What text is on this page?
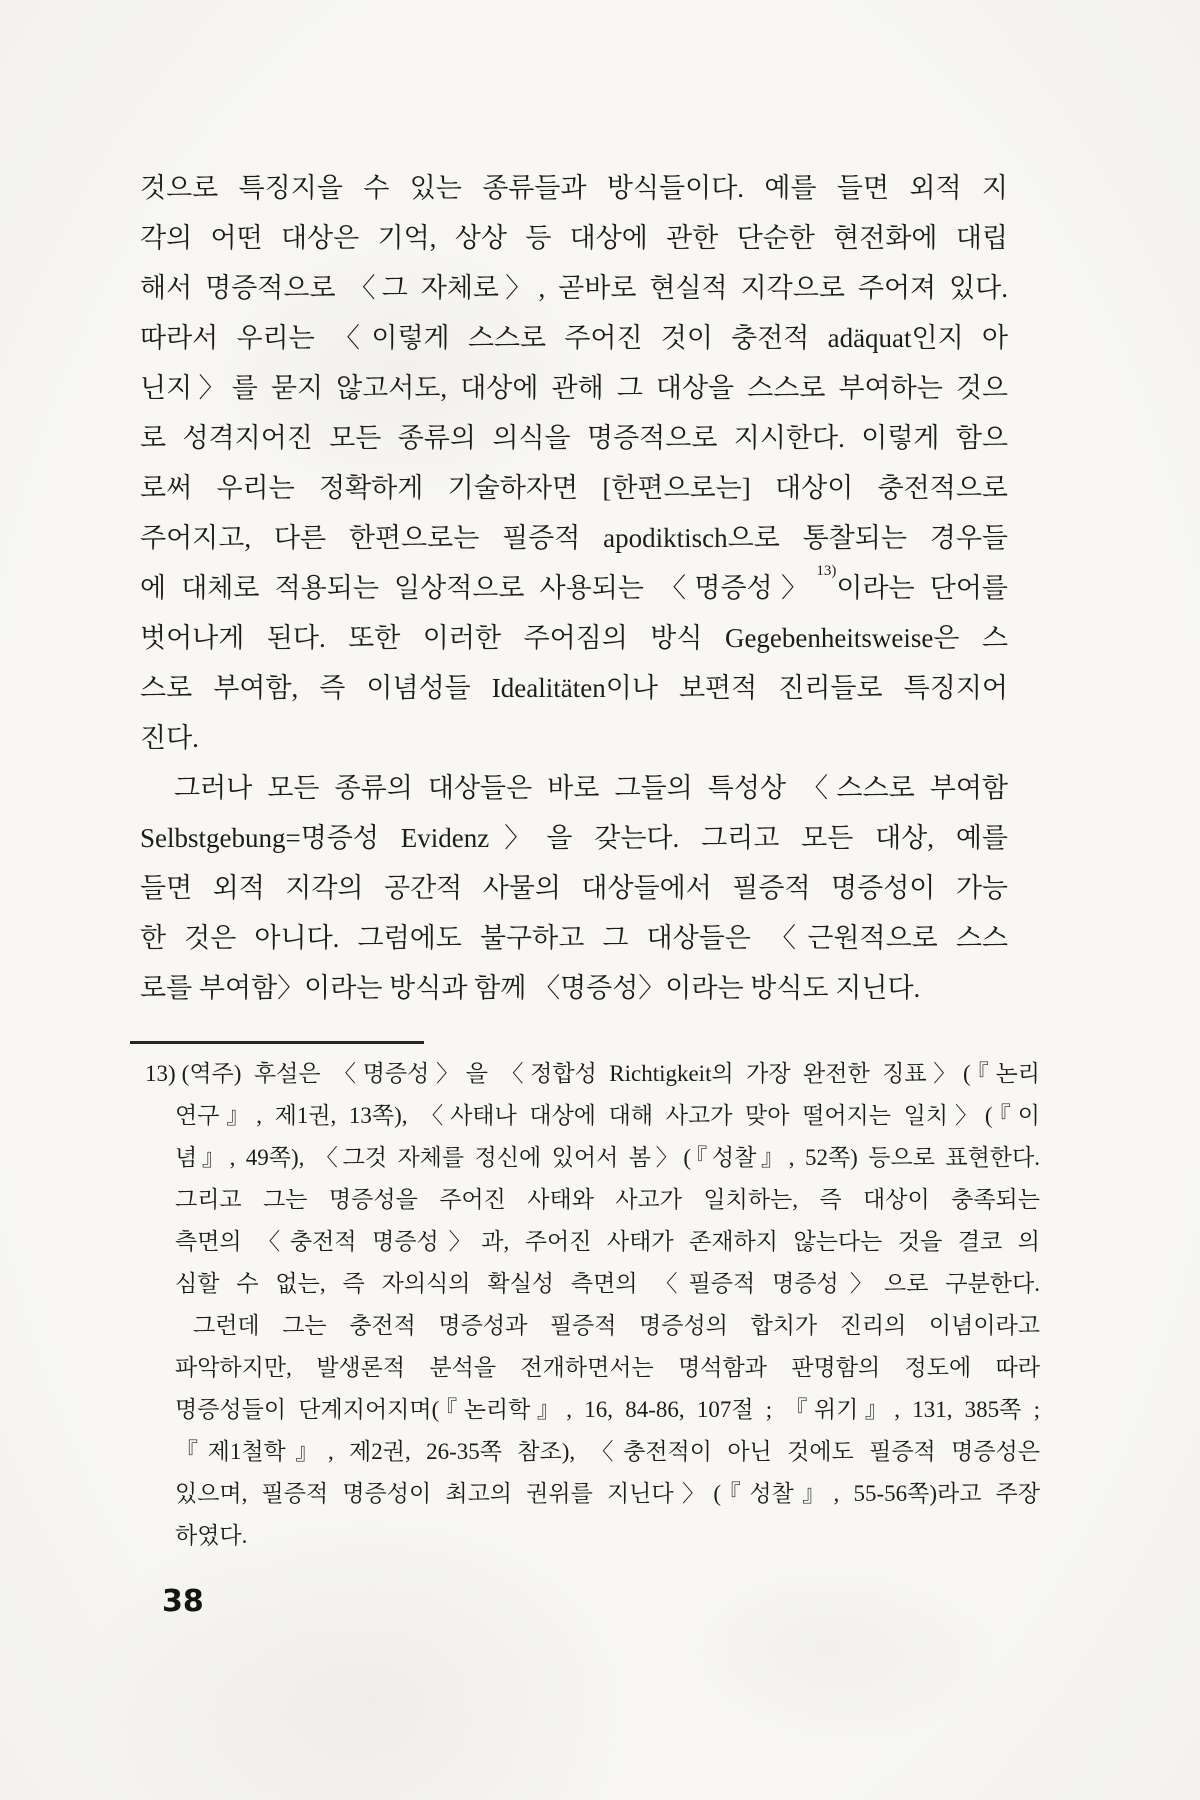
것으로 특징지을 수 있는 종류들과 방식들이다. 예를 들면 외적 지
각의 어떤 대상은 기억, 상상 등 대상에 관한 단순한 현전화에 대립
해서 명증적으로 〈그 자체로〉, 곧바로 현실적 지각으로 주어져 있다.
따라서 우리는 〈이렇게 스스로 주어진 것이 충전적 adäquat인지 아
닌지〉를 묻지 않고서도, 대상에 관해 그 대상을 스스로 부여하는 것으
로 성격지어진 모든 종류의 의식을 명증적으로 지시한다. 이렇게 함으
로써 우리는 정확하게 기술하자면 [한편으로는] 대상이 충전적으로
주어지고, 다른 한편으로는 필증적 apodiktisch으로 통찰되는 경우들
에 대체로 적용되는 일상적으로 사용되는 〈명증성〉$^{13)}$이라는 단어를
벗어나게 된다. 또한 이러한 주어짐의 방식 Gegebenheitsweise은 스
스로 부여함, 즉 이념성들 Idealitäten이나 보편적 진리들로 특징지어
진다.
그러나 모든 종류의 대상들은 바로 그들의 특성상 〈스스로 부여함
Selbstgebung=명증성 Evidenz〉을 갖는다. 그리고 모든 대상, 예를
들면 외적 지각의 공간적 사물의 대상들에서 필증적 명증성이 가능
한 것은 아니다. 그럼에도 불구하고 그 대상들은 〈근원적으로 스스
로를 부여함〉이라는 방식과 함께 〈명증성〉이라는 방식도 지닌다.
13) (역주) 후설은 〈명증성〉을 〈정합성 Richtigkeit의 가장 완전한 징표〉(『논리
연구』, 제1권, 13쪽), 〈사태나 대상에 대해 사고가 맞아 떨어지는 일치〉(『이
념』, 49쪽), 〈그것 자체를 정신에 있어서 봄〉(『성찰』, 52쪽) 등으로 표현한다.
그리고 그는 명증성을 주어진 사태와 사고가 일치하는, 즉 대상이 충족되는
측면의 〈충전적 명증성〉과, 주어진 사태가 존재하지 않는다는 것을 결코 의
심할 수 없는, 즉 자의식의 확실성 측면의 〈필증적 명증성〉으로 구분한다.
그런데 그는 충전적 명증성과 필증적 명증성의 합치가 진리의 이념이라고
파악하지만, 발생론적 분석을 전개하면서는 명석함과 판명함의 정도에 따라
명증성들이 단계지어지며(『논리학』, 16, 84-86, 107절 ; 『위기』, 131, 385쪽 ;
『제1철학』, 제2권, 26-35쪽 참조), 〈충전적이 아닌 것에도 필증적 명증성은
있으며, 필증적 명증성이 최고의 권위를 지닌다〉(『성찰』, 55-56쪽)라고 주장
하였다.
38
